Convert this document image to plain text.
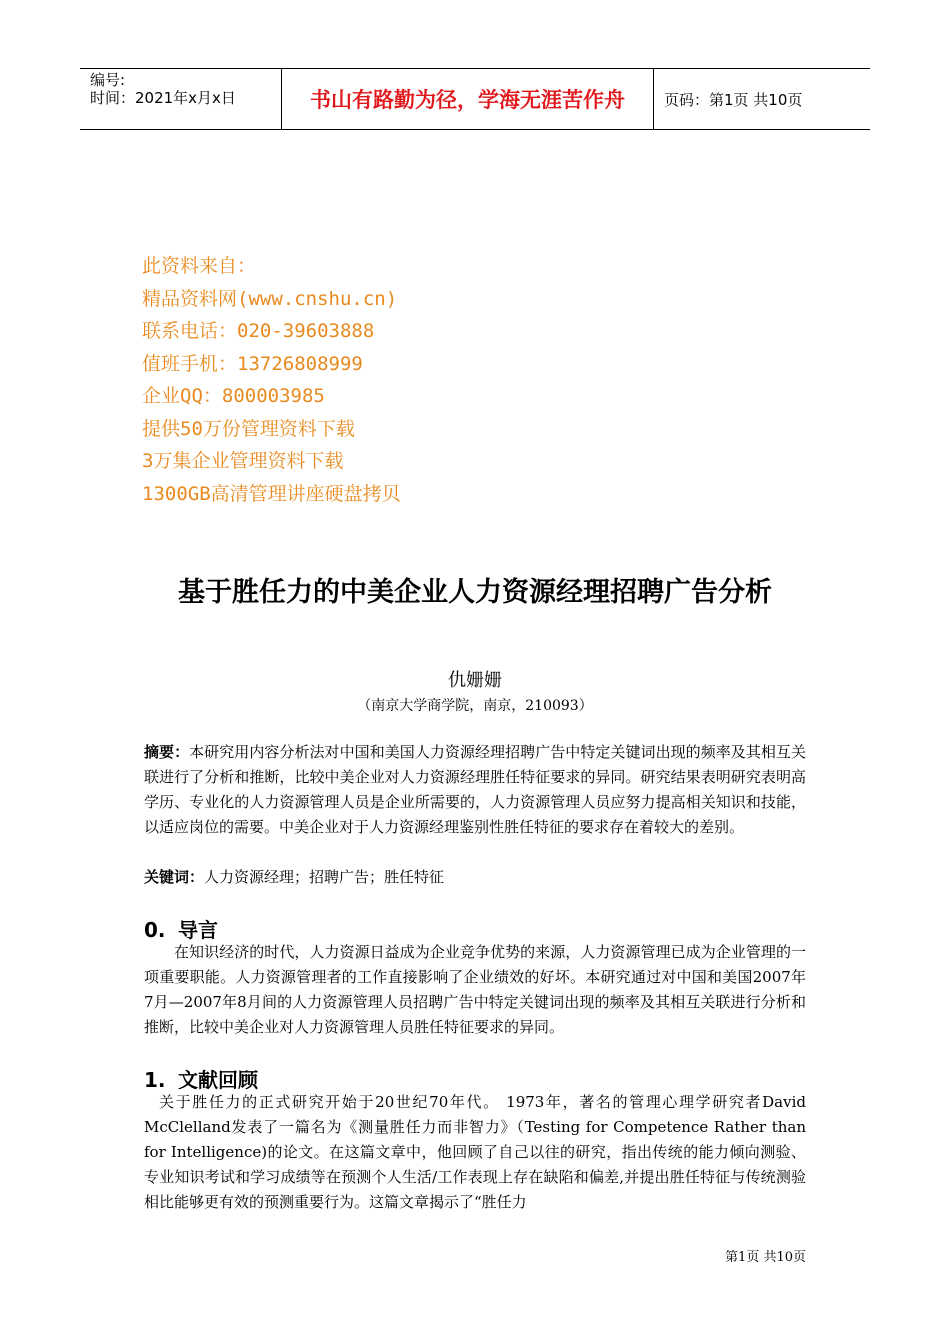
编号:
时间：2021年x月x日	书山有路勤为径，学海无涯苦作舟	页码：第1页 共10页
此资料来自：
精品资料网(www.cnshu.cn)
联系电话：020-39603888
值班手机：13726808999
企业QQ：800003985
提供50万份管理资料下载
3万集企业管理资料下载
1300GB高清管理讲座硬盘拷贝
基于胜任力的中美企业人力资源经理招聘广告分析
仇姗姗
（南京大学商学院，南京，210093）
摘要：本研究用内容分析法对中国和美国人力资源经理招聘广告中特定关键词出现的频率及其相互关联进行了分析和推断，比较中美企业对人力资源经理胜任特征要求的异同。研究结果表明研究表明高学历、专业化的人力资源管理人员是企业所需要的，人力资源管理人员应努力提高相关知识和技能，以适应岗位的需要。中美企业对于人力资源经理鉴别性胜任特征的要求存在着较大的差别。
关键词：人力资源经理；招聘广告；胜任特征
0. 导言
在知识经济的时代，人力资源日益成为企业竞争优势的来源，人力资源管理已成为企业管理的一项重要职能。人力资源管理者的工作直接影响了企业绩效的好坏。本研究通过对中国和美国2007年7月—2007年8月间的人力资源管理人员招聘广告中特定关键词出现的频率及其相互关联进行分析和推断，比较中美企业对人力资源管理人员胜任特征要求的异同。
1. 文献回顾
关于胜任力的正式研究开始于20世纪70年代。 1973年，著名的管理心理学研究者David McClelland发表了一篇名为《测量胜任力而非智力》（Testing for Competence Rather than for Intelligence)的论文。在这篇文章中，他回顾了自己以往的研究，指出传统的能力倾向测验、专业知识考试和学习成绩等在预测个人生活/工作表现上存在缺陷和偏差,并提出胜任特征与传统测验相比能够更有效的预测重要行为。这篇文章揭示了“胜任力
第1页 共10页
